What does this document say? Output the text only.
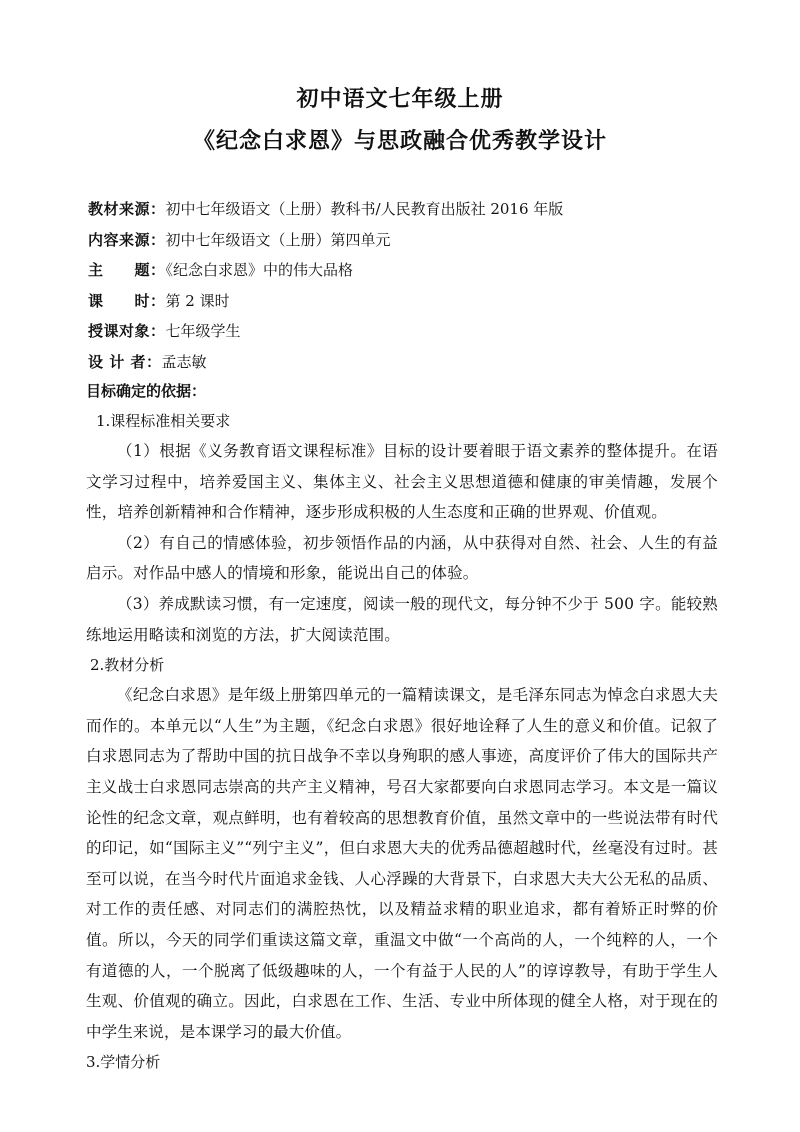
初中语文七年级上册
《纪念白求恩》与思政融合优秀教学设计
教材来源：初中七年级语文（上册）教科书/人民教育出版社 2016 年版
内容来源：初中七年级语文（上册）第四单元
主　　题：《纪念白求恩》中的伟大品格
课　　时：第 2 课时
授课对象：七年级学生
设 计 者：孟志敏
目标确定的依据：
1.课程标准相关要求

（1）根据《义务教育语文课程标准》目标的设计要着眼于语文素养的整体提升。在语文学习过程中，培养爱国主义、集体主义、社会主义思想道德和健康的审美情趣，发展个性，培养创新精神和合作精神，逐步形成积极的人生态度和正确的世界观、价值观。

（2）有自己的情感体验，初步领悟作品的内涵，从中获得对自然、社会、人生的有益启示。对作品中感人的情境和形象，能说出自己的体验。

（3）养成默读习惯，有一定速度，阅读一般的现代文，每分钟不少于 500 字。能较熟练地运用略读和浏览的方法，扩大阅读范围。

2.教材分析

《纪念白求恩》是年级上册第四单元的一篇精读课文，是毛泽东同志为悼念白求恩大夫而作的。本单元以“人生”为主题，《纪念白求恩》很好地诠释了人生的意义和价值。记叙了白求恩同志为了帮助中国的抗日战争不幸以身殉职的感人事迹，高度评价了伟大的国际共产主义战士白求恩同志崇高的共产主义精神，号召大家都要向白求恩同志学习。本文是一篇议论性的纪念文章，观点鲜明，也有着较高的思想教育价值，虽然文章中的一些说法带有时代的印记，如“国际主义”“列宁主义”，但白求恩大夫的优秀品德超越时代，丝毫没有过时。甚至可以说，在当今时代片面追求金钱、人心浮躁的大背景下，白求恩大夫大公无私的品质、对工作的责任感、对同志们的满腔热忱，以及精益求精的职业追求，都有着矫正时弊的价值。所以，今天的同学们重读这篇文章，重温文中做“一个高尚的人，一个纯粹的人，一个有道德的人，一个脱离了低级趣味的人，一个有益于人民的人”的谆谆教导，有助于学生人生观、价值观的确立。因此，白求恩在工作、生活、专业中所体现的健全人格，对于现在的中学生来说，是本课学习的最大价值。

3.学情分析
